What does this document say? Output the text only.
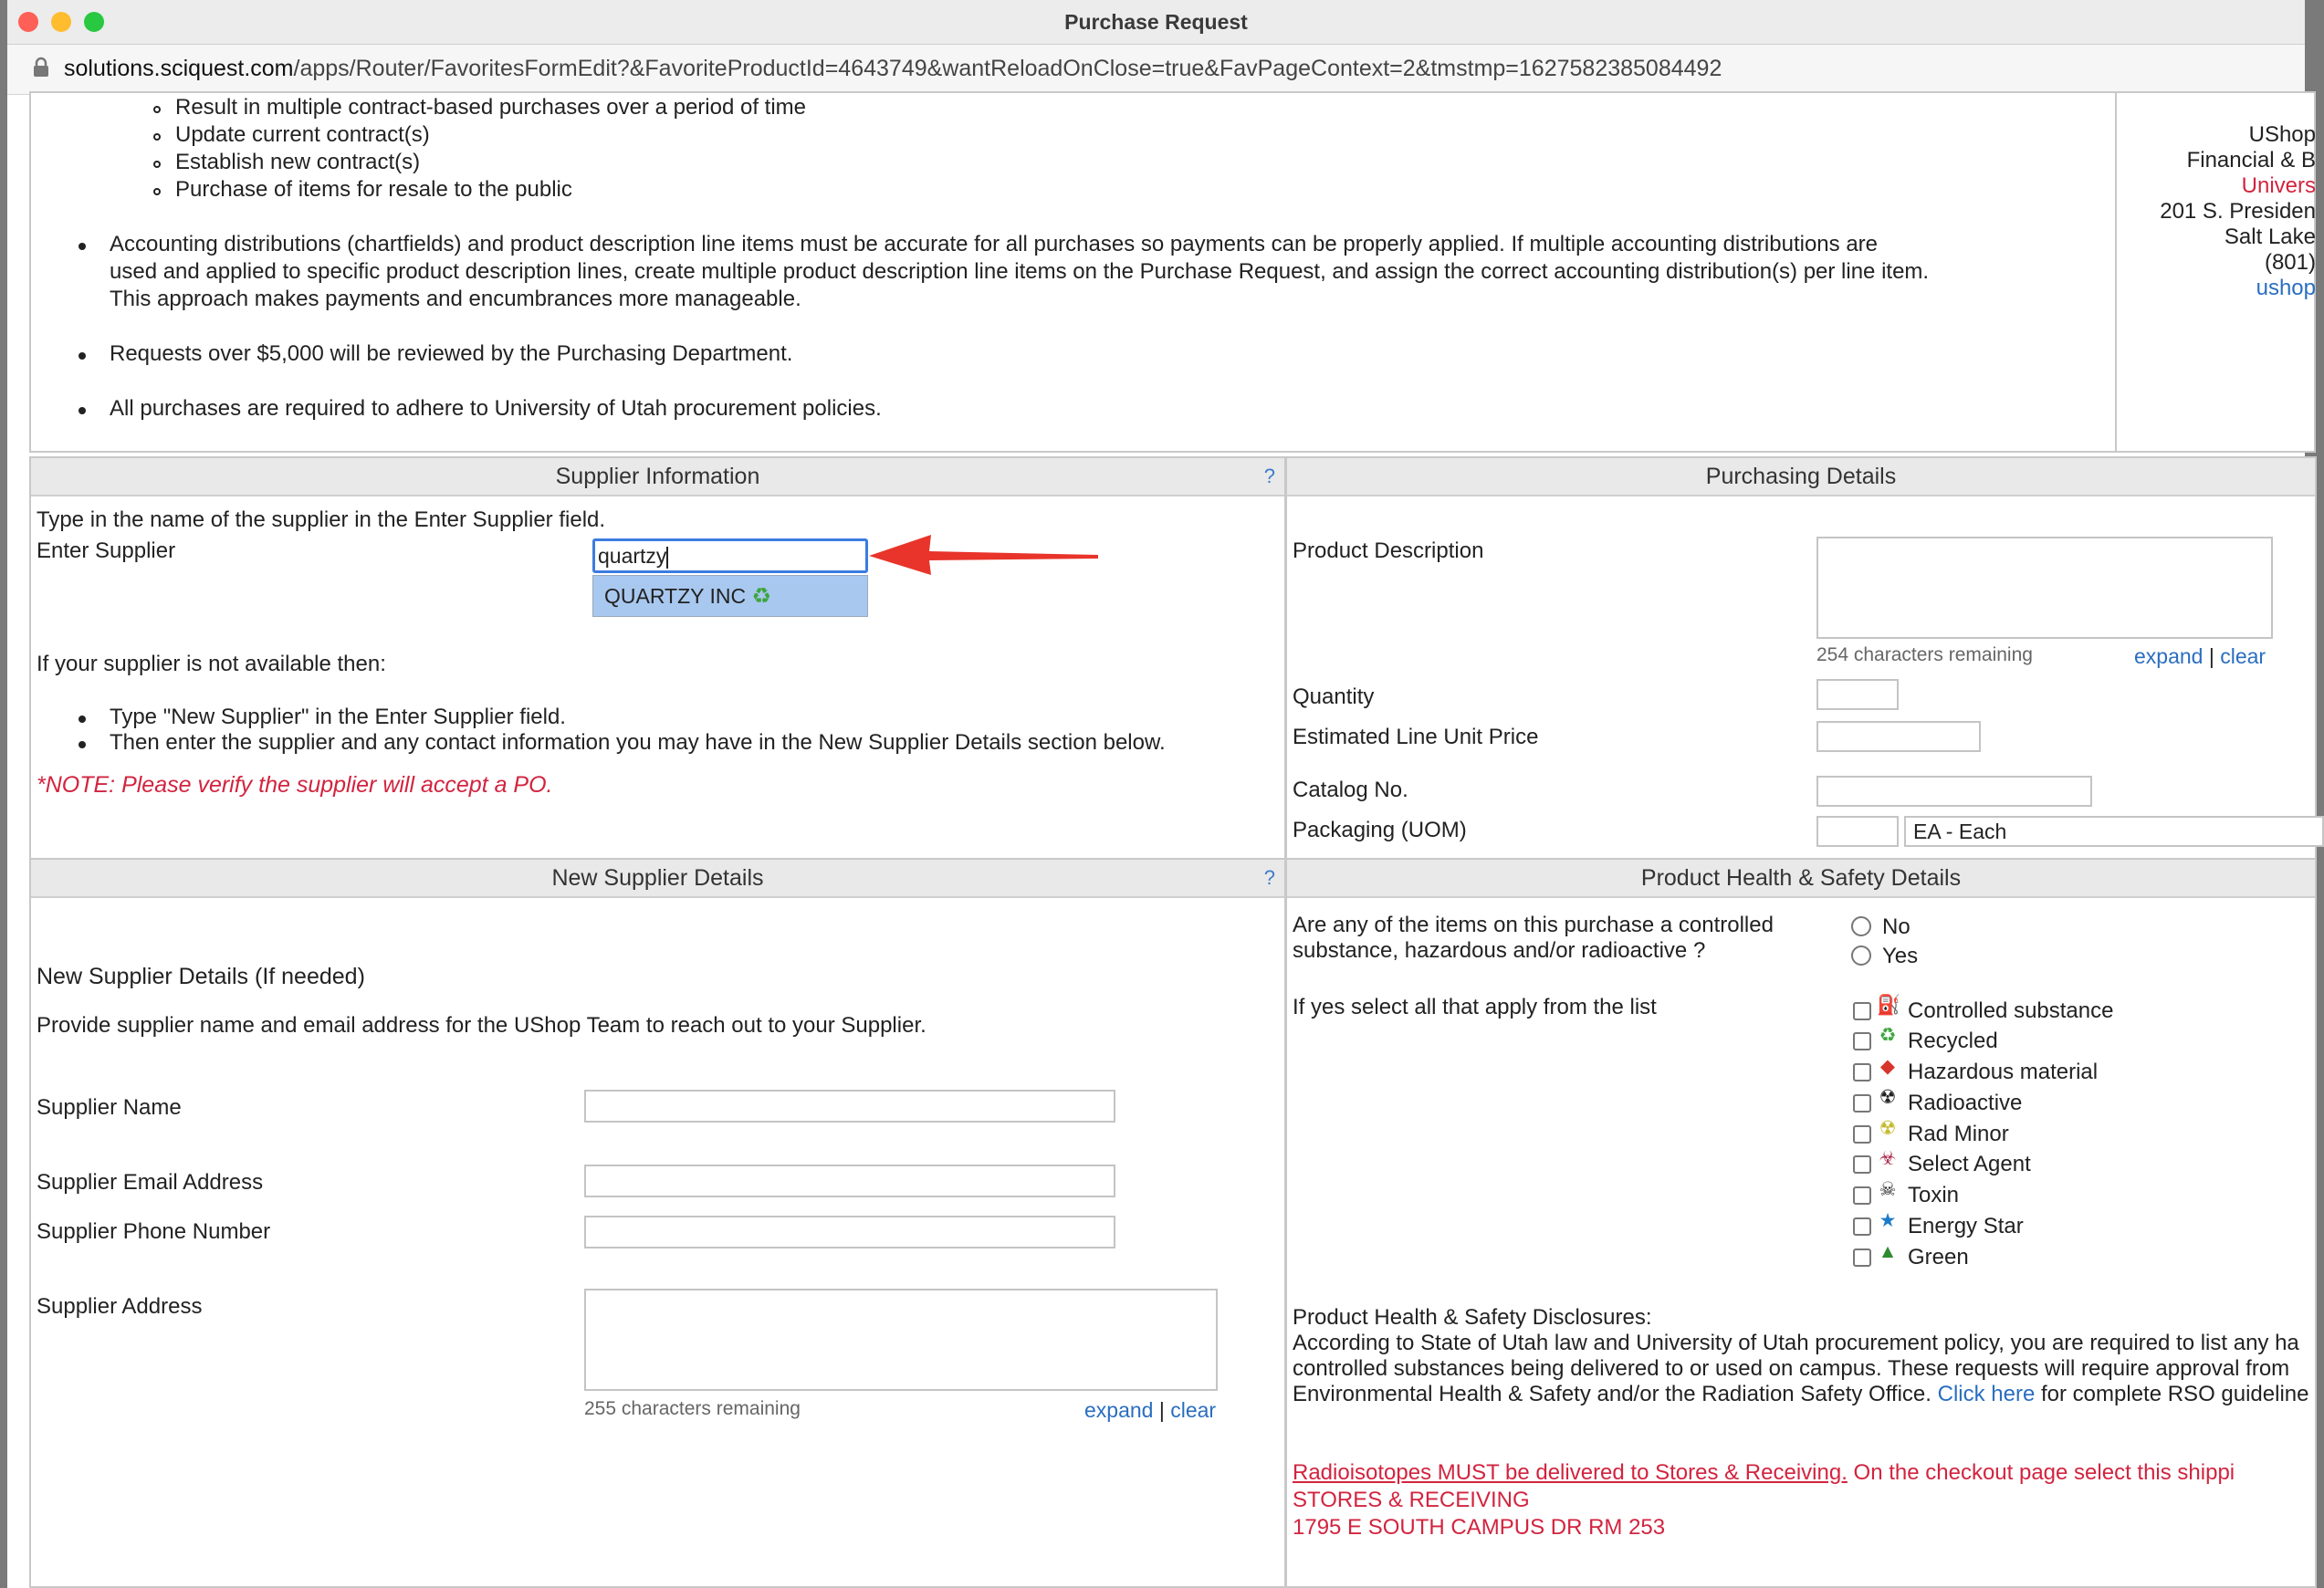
Purchase Request
solutions.sciquest.com/apps/Router/FavoritesFormEdit?&FavoriteProductId=4643749&wantReloadOnClose=true&FavPageContext=2&tmstmp=1627582385084492
Result in multiple contract-based purchases over a period of time
Update current contract(s)
Establish new contract(s)
Purchase of items for resale to the public
Accounting distributions (chartfields) and product description line items must be accurate for all purchases so payments can be properly applied. If multiple accounting distributions are
used and applied to specific product description lines, create multiple product description line items on the Purchase Request, and assign the correct accounting distribution(s) per line item.
This approach makes payments and encumbrances more manageable.
Requests over $5,000 will be reviewed by the Purchasing Department.
All purchases are required to adhere to University of Utah procurement policies.
UShop
Financial & B
Univers
201 S. Presiden
Salt Lake
(801)
ushop
Supplier Information	?
Type in the name of the supplier in the Enter Supplier field.
Enter Supplier	quartzy
QUARTZY INC ♻
If your supplier is not available then:
Type "New Supplier" in the Enter Supplier field.
Then enter the supplier and any contact information you may have in the New Supplier Details section below.
*NOTE: Please verify the supplier will accept a PO.
Purchasing Details
Product Description
254 characters remaining	expand | clear
Quantity
Estimated Line Unit Price
Catalog No.
Packaging (UOM)	EA - Each
New Supplier Details	?
New Supplier Details (If needed)
Provide supplier name and email address for the UShop Team to reach out to your Supplier.
Supplier Name
Supplier Email Address
Supplier Phone Number
Supplier Address
255 characters remaining	expand | clear
Product Health & Safety Details
Are any of the items on this purchase a controlled
substance, hazardous and/or radioactive ?
No
Yes
If yes select all that apply from the list	⛽ Controlled substance
♻ Recycled
◆ Hazardous material
☢ Radioactive
☢ Rad Minor
☣ Select Agent
☠ Toxin
★ Energy Star
▲ Green
Product Health & Safety Disclosures:
According to State of Utah law and University of Utah procurement policy, you are required to list any ha
controlled substances being delivered to or used on campus. These requests will require approval from
Environmental Health & Safety and/or the Radiation Safety Office. Click here for complete RSO guideline
Radioisotopes MUST be delivered to Stores & Receiving. On the checkout page select this shippi
STORES & RECEIVING
1795 E SOUTH CAMPUS DR RM 253
